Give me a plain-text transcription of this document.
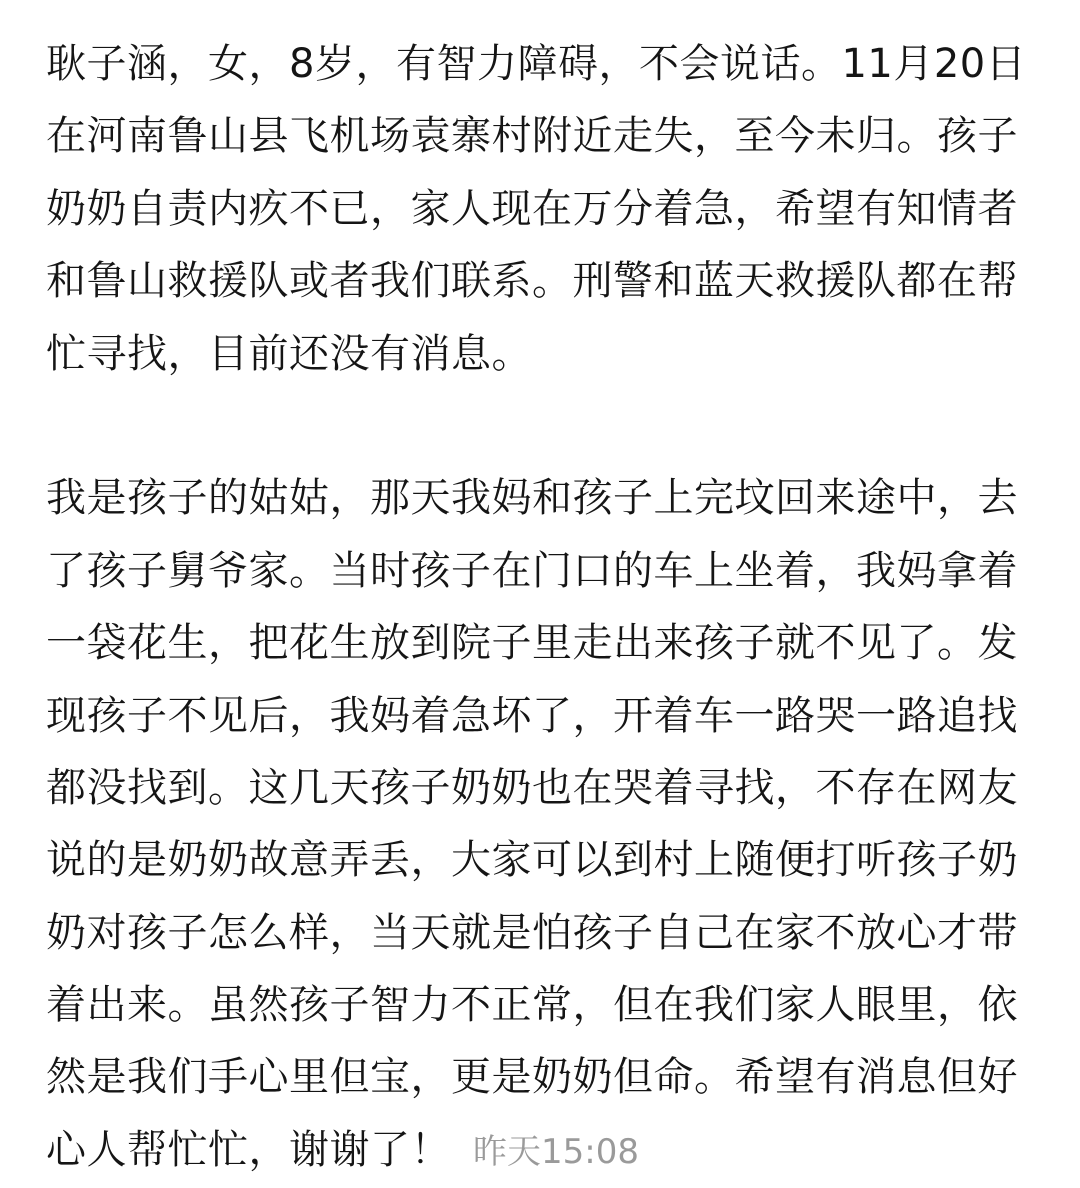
耿子涵，女，8岁，有智力障碍，不会说话。11月20日
在河南鲁山县飞机场袁寨村附近走失，至今未归。孩子
奶奶自责内疚不已，家人现在万分着急，希望有知情者
和鲁山救援队或者我们联系。刑警和蓝天救援队都在帮
忙寻找，目前还没有消息。
我是孩子的姑姑，那天我妈和孩子上完坟回来途中，去
了孩子舅爷家。当时孩子在门口的车上坐着，我妈拿着
一袋花生，把花生放到院子里走出来孩子就不见了。发
现孩子不见后，我妈着急坏了，开着车一路哭一路追找
都没找到。这几天孩子奶奶也在哭着寻找，不存在网友
说的是奶奶故意弄丢，大家可以到村上随便打听孩子奶
奶对孩子怎么样，当天就是怕孩子自己在家不放心才带
着出来。虽然孩子智力不正常，但在我们家人眼里，依
然是我们手心里但宝，更是奶奶但命。希望有消息但好
心人帮忙忙，谢谢了！ 昨天15:08
